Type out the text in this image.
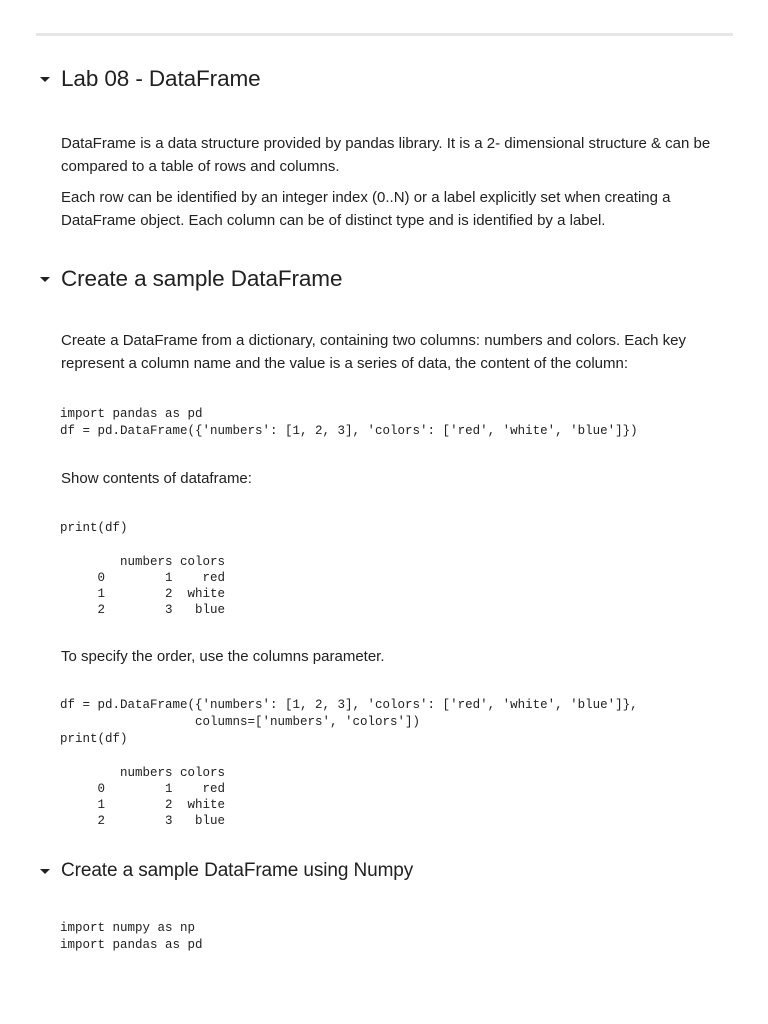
Lab 08 - DataFrame

DataFrame is a data structure provided by pandas library. It is a 2- dimensional structure & can be compared to a table of rows and columns.

Each row can be identified by an integer index (0..N) or a label explicitly set when creating a DataFrame object. Each column can be of distinct type and is identified by a label.

Create a sample DataFrame

Create a DataFrame from a dictionary, containing two columns: numbers and colors. Each key represent a column name and the value is a series of data, the content of the column:

import pandas as pd
df = pd.DataFrame({'numbers': [1, 2, 3], 'colors': ['red', 'white', 'blue']})

Show contents of dataframe:

print(df)
numbers colors
0        1    red
1        2  white
2        3   blue

To specify the order, use the columns parameter.

df = pd.DataFrame({'numbers': [1, 2, 3], 'colors': ['red', 'white', 'blue']},
columns=['numbers', 'colors'])
print(df)
numbers colors
0        1    red
1        2  white
2        3   blue
Create a sample DataFrame using Numpy
import numpy as np
import pandas as pd
